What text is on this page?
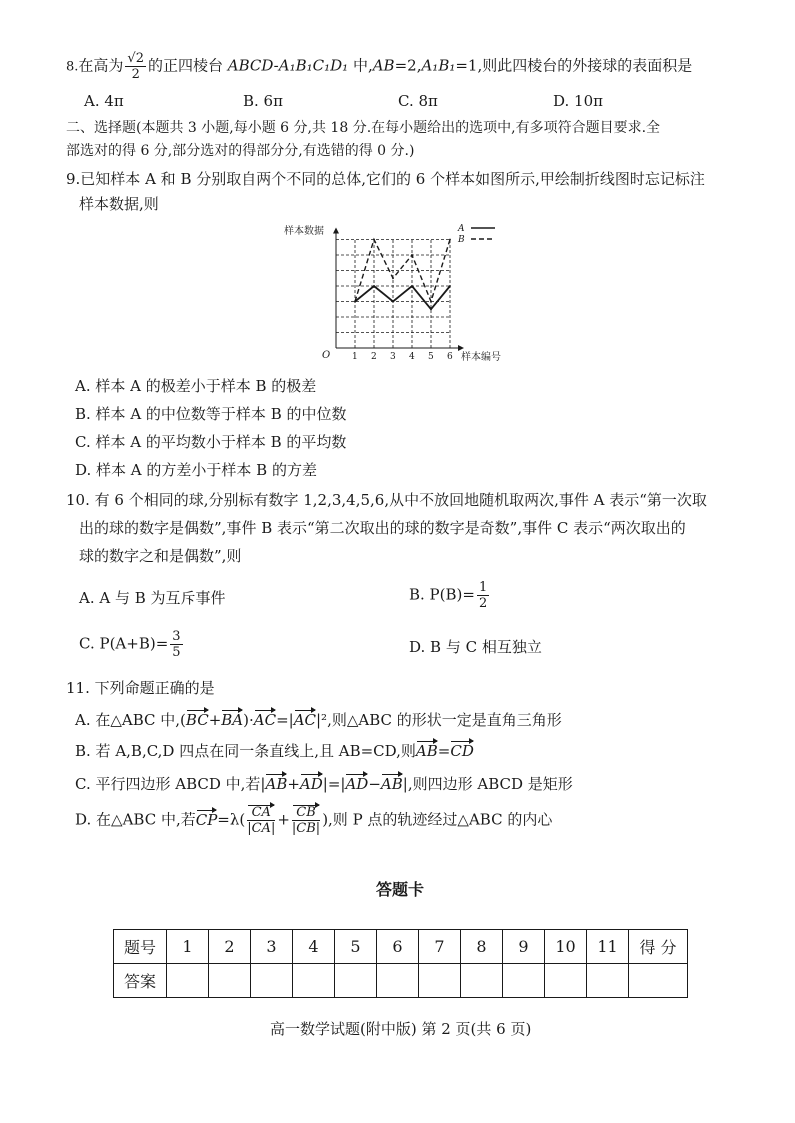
8.在高为 $\frac{√2}{2}$ 的正四棱台 ABCD-A₁B₁C₁D₁ 中,AB=2,A₁B₁=1,则此四棱台的外接球的表面积是
A. 4π	B. 6π	C. 8π	D. 10π
二、选择题(本题共 3 小题,每小题 6 分,共 18 分.在每小题给出的选项中,有多项符合题目要求.全
部选对的得 6 分,部分选对的得部分分,有选错的得 0 分.)
9.已知样本 A 和 B 分别取自两个不同的总体,它们的 6 个样本如图所示,甲绘制折线图时忘记标注
样本数据,则
样本数据
O	样本编号
1 2 3 4 5 6
A
B
A. 样本 A 的极差小于样本 B 的极差
B. 样本 A 的中位数等于样本 B 的中位数
C. 样本 A 的平均数小于样本 B 的平均数
D. 样本 A 的方差小于样本 B 的方差
10. 有 6 个相同的球,分别标有数字 1,2,3,4,5,6,从中不放回地随机取两次,事件 A 表示“第一次取
出的球的数字是偶数”,事件 B 表示“第二次取出的球的数字是奇数”,事件 C 表示“两次取出的
球的数字之和是偶数”,则
A. A 与 B 为互斥事件	B. $P(B)= \frac{1}{2}$
C. $P(A+B)= \frac{3}{5}$	D. B 与 C 相互独立
11. 下列命题正确的是
A. 在△ABC 中,(BC+BA)·AC=|AC|²,则△ABC 的形状一定是直角三角形
B. 若 A,B,C,D 四点在同一条直线上,且 AB=CD,则AB=CD
C. 平行四边形 ABCD 中,若|AB+AD|=|AD−AB|,则四边形 ABCD 是矩形
D. 在△ABC 中,若$CP=\lambda( \frac{CA}{|CA|} + \frac{CB}{|CB|}$ ),则 P 点的轨迹经过△ABC 的内心
答题卡
题号	1	2	3	4	5	6	7	8	9	10	11	得 分
答案												
高一数学试题(附中版) 第 2 页(共 6 页)
